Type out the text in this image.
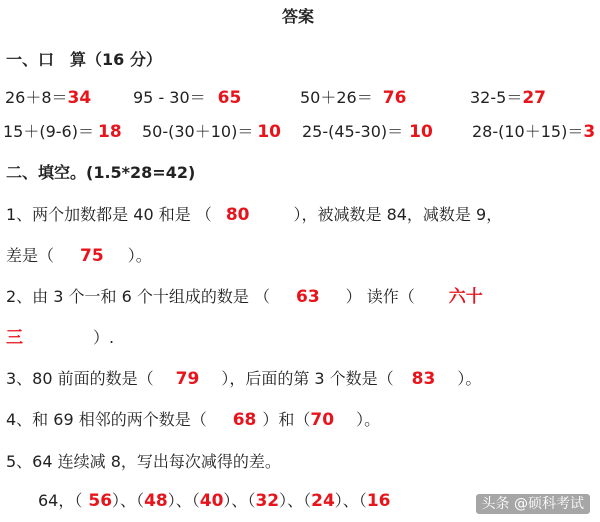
答案
一、口　算（16 分）
26＋8＝34	95 - 30＝ 65	50＋26＝ 76	32-5＝27
15＋(9-6)＝ 18 50-(30＋10)＝ 10 25-(45-30)＝ 10 28-(10＋15)＝3
二、填空。(1.5*28=42)
1、两个加数都是 40 和是 （ 80	），被减数是 84，减数是 9，
差是（ 75 ）。
2、由 3 个一和 6 个十组成的数是 （ 63 ） 读作（ 六十
三	）.
3、80 前面的数是（ 79 ），后面的第 3 个数是（ 83 ）。
4、和 69 相邻的两个数是（ 68 ）和（70 ）。
5、64 连续减 8，写出每次减得的差。
64，（ 56）、（48）、（40）、（32）、（24）、（16	头条 @硕科考试
